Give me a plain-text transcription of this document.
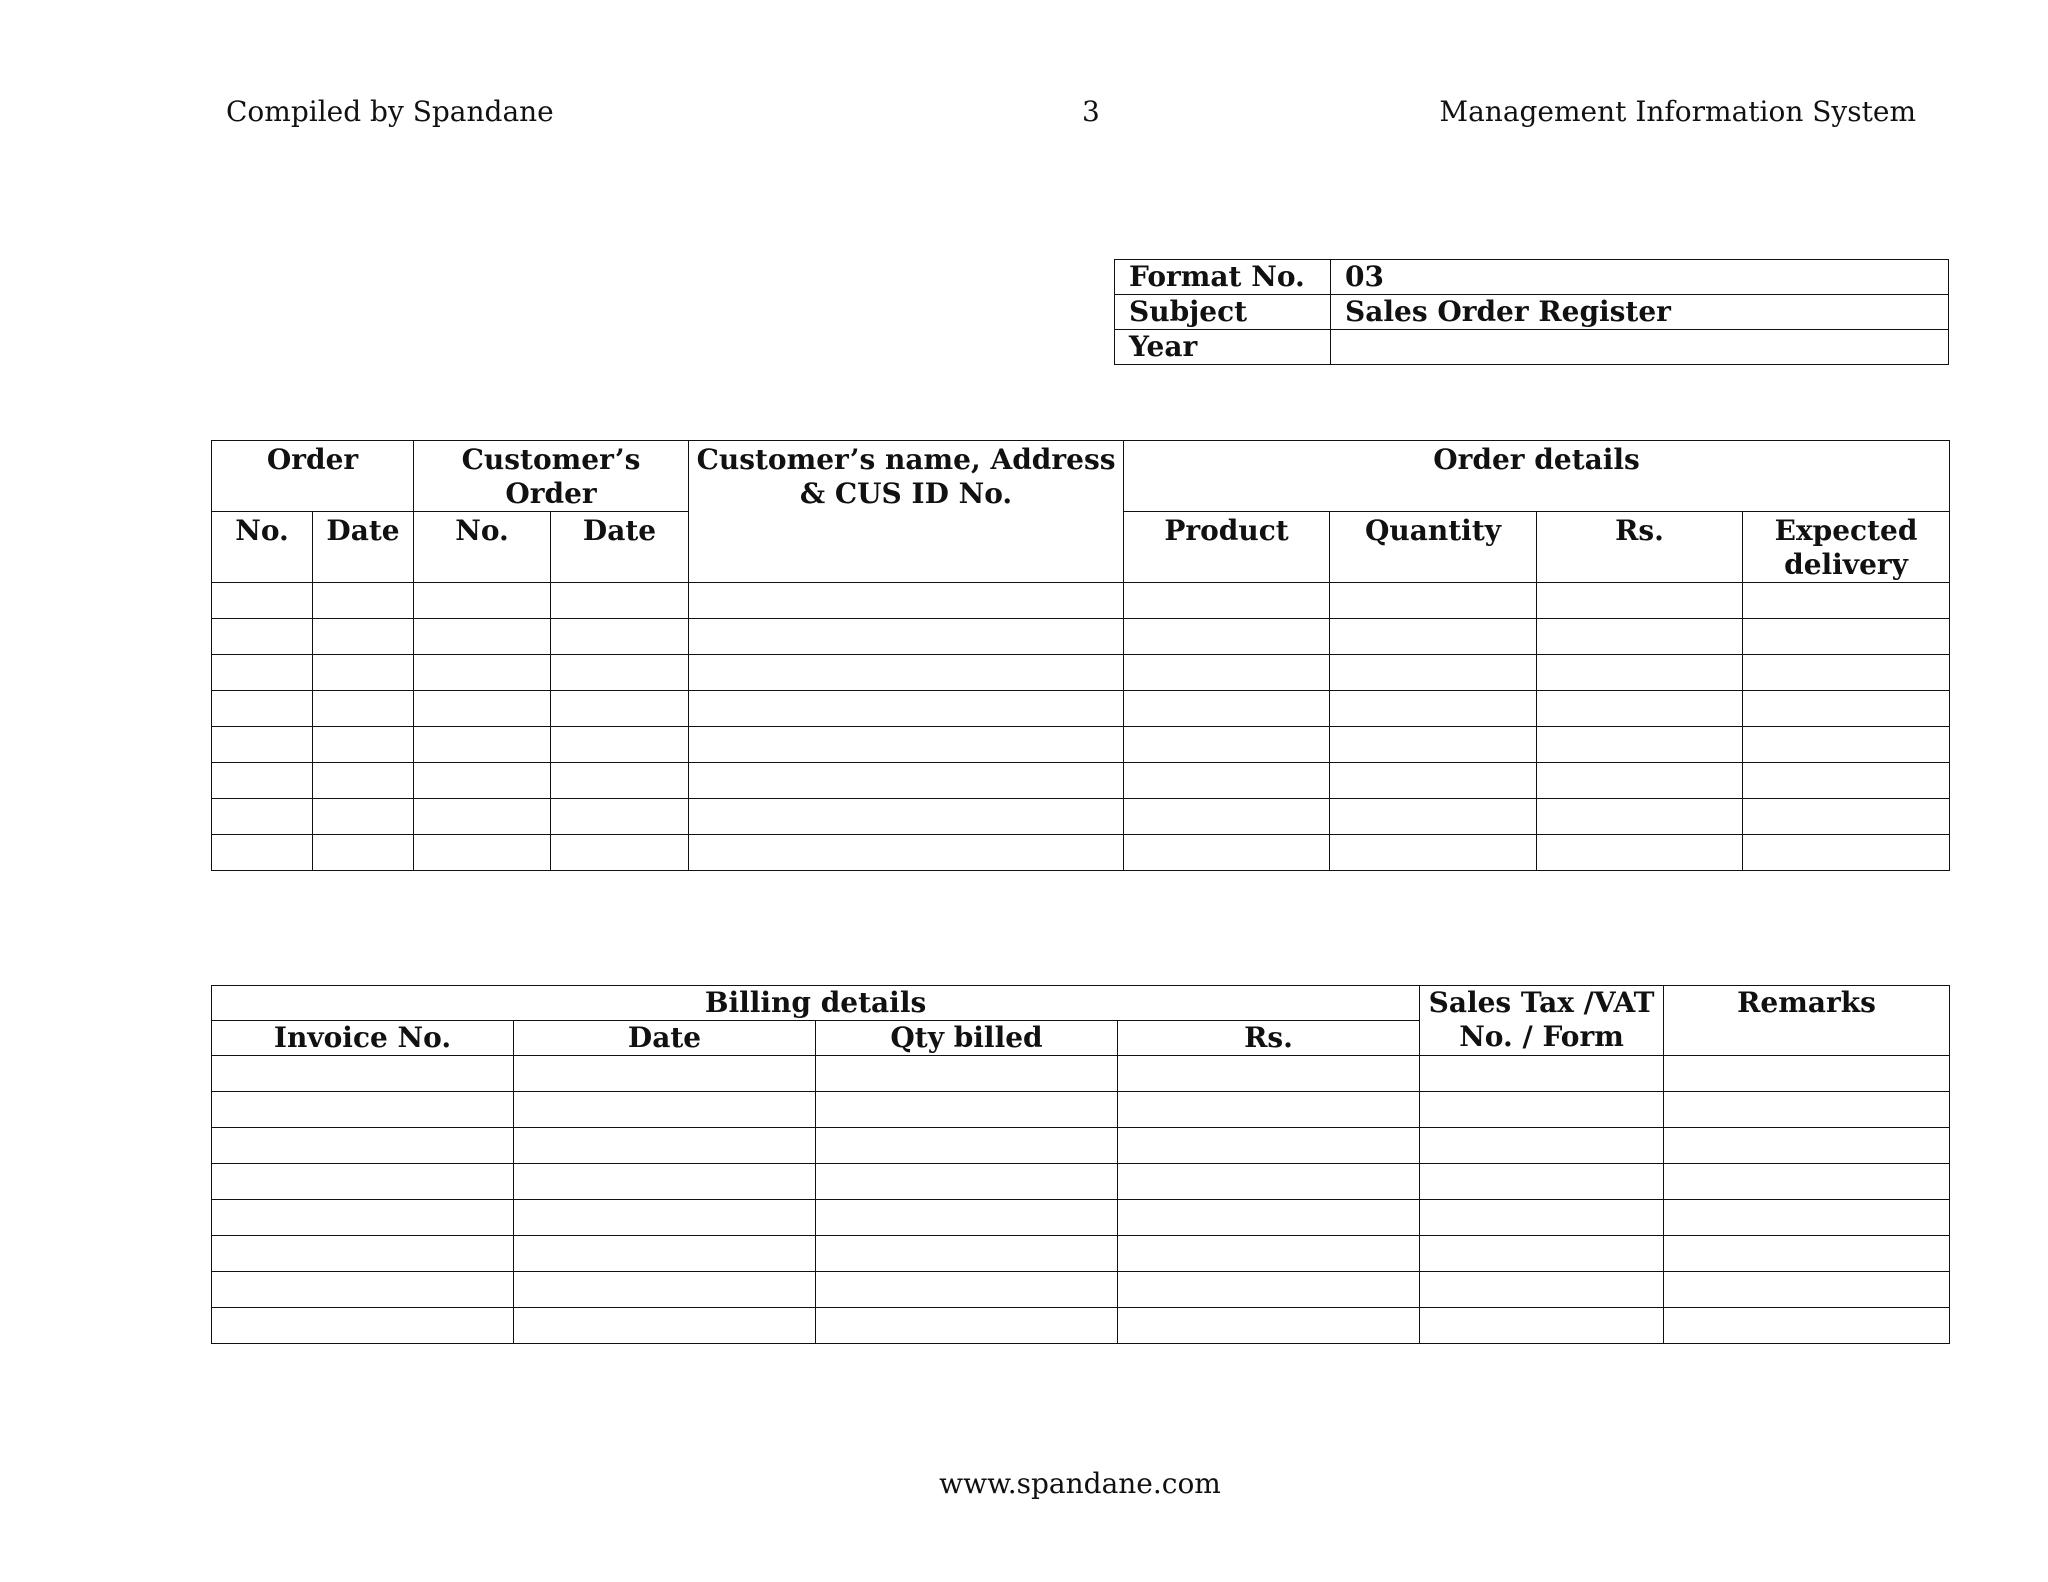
Compiled by Spandane	3	Management Information System
Format No.	03
Subject	Sales Order Register
Year	
Order		Customer’s Order		Customer’s name, Address & CUS ID No.	Order details			
No.	Date	No.	Date		Product	Quantity	Rs.	Expected delivery

Billing details				Sales Tax /VAT No. / Form	Remarks
Invoice No.	Date	Qty billed	Rs.		

www.spandane.com
